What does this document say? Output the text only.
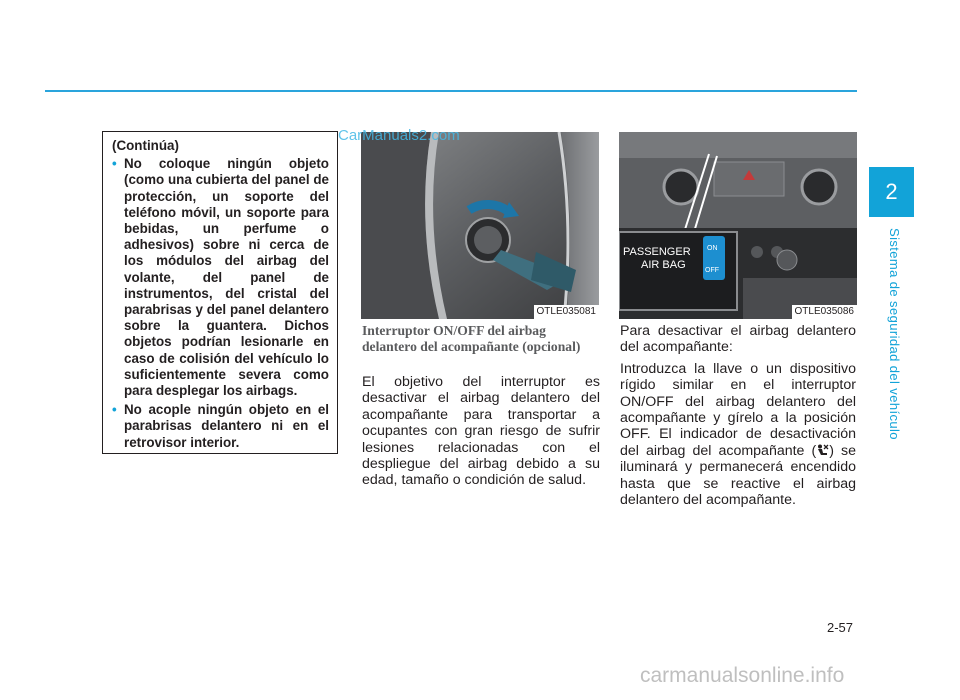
2
Sistema de seguridad del vehículo
(Continúa)
• No coloque ningún objeto (como una cubierta del panel de protección, un soporte del teléfono móvil, un soporte para bebidas, un perfume o adhesivos) sobre ni cerca de los módulos del airbag del volante, del panel de instrumentos, del cristal del parabrisas y del panel delantero sobre la guantera. Dichos objetos podrían lesionarle en caso de colisión del vehículo lo suficientemente severa como para desplegar los airbags.
• No acople ningún objeto en el parabrisas delantero ni en el retrovisor interior.
OTLE035081
PASSENGER
AIR BAG
ON
OFF
OTLE035086
CarManuals2.com
Interruptor ON/OFF del airbag delantero del acompañante (opcional)

El objetivo del interruptor es desactivar el airbag delantero del acompañante para transportar a ocupantes con gran riesgo de sufrir lesiones relacionadas con el despliegue del airbag debido a su edad, tamaño o condición de salud.

Para desactivar el airbag delantero del acompañante:

Introduzca la llave o un dispositivo rígido similar en el interruptor ON/OFF del airbag delantero del acompañante y gírelo a la posición OFF. El indicador de desactivación del airbag del acompañante ( ) se iluminará y permanecerá encendido hasta que se reactive el airbag delantero del acompañante.

2-57
carmanualsonline.info
